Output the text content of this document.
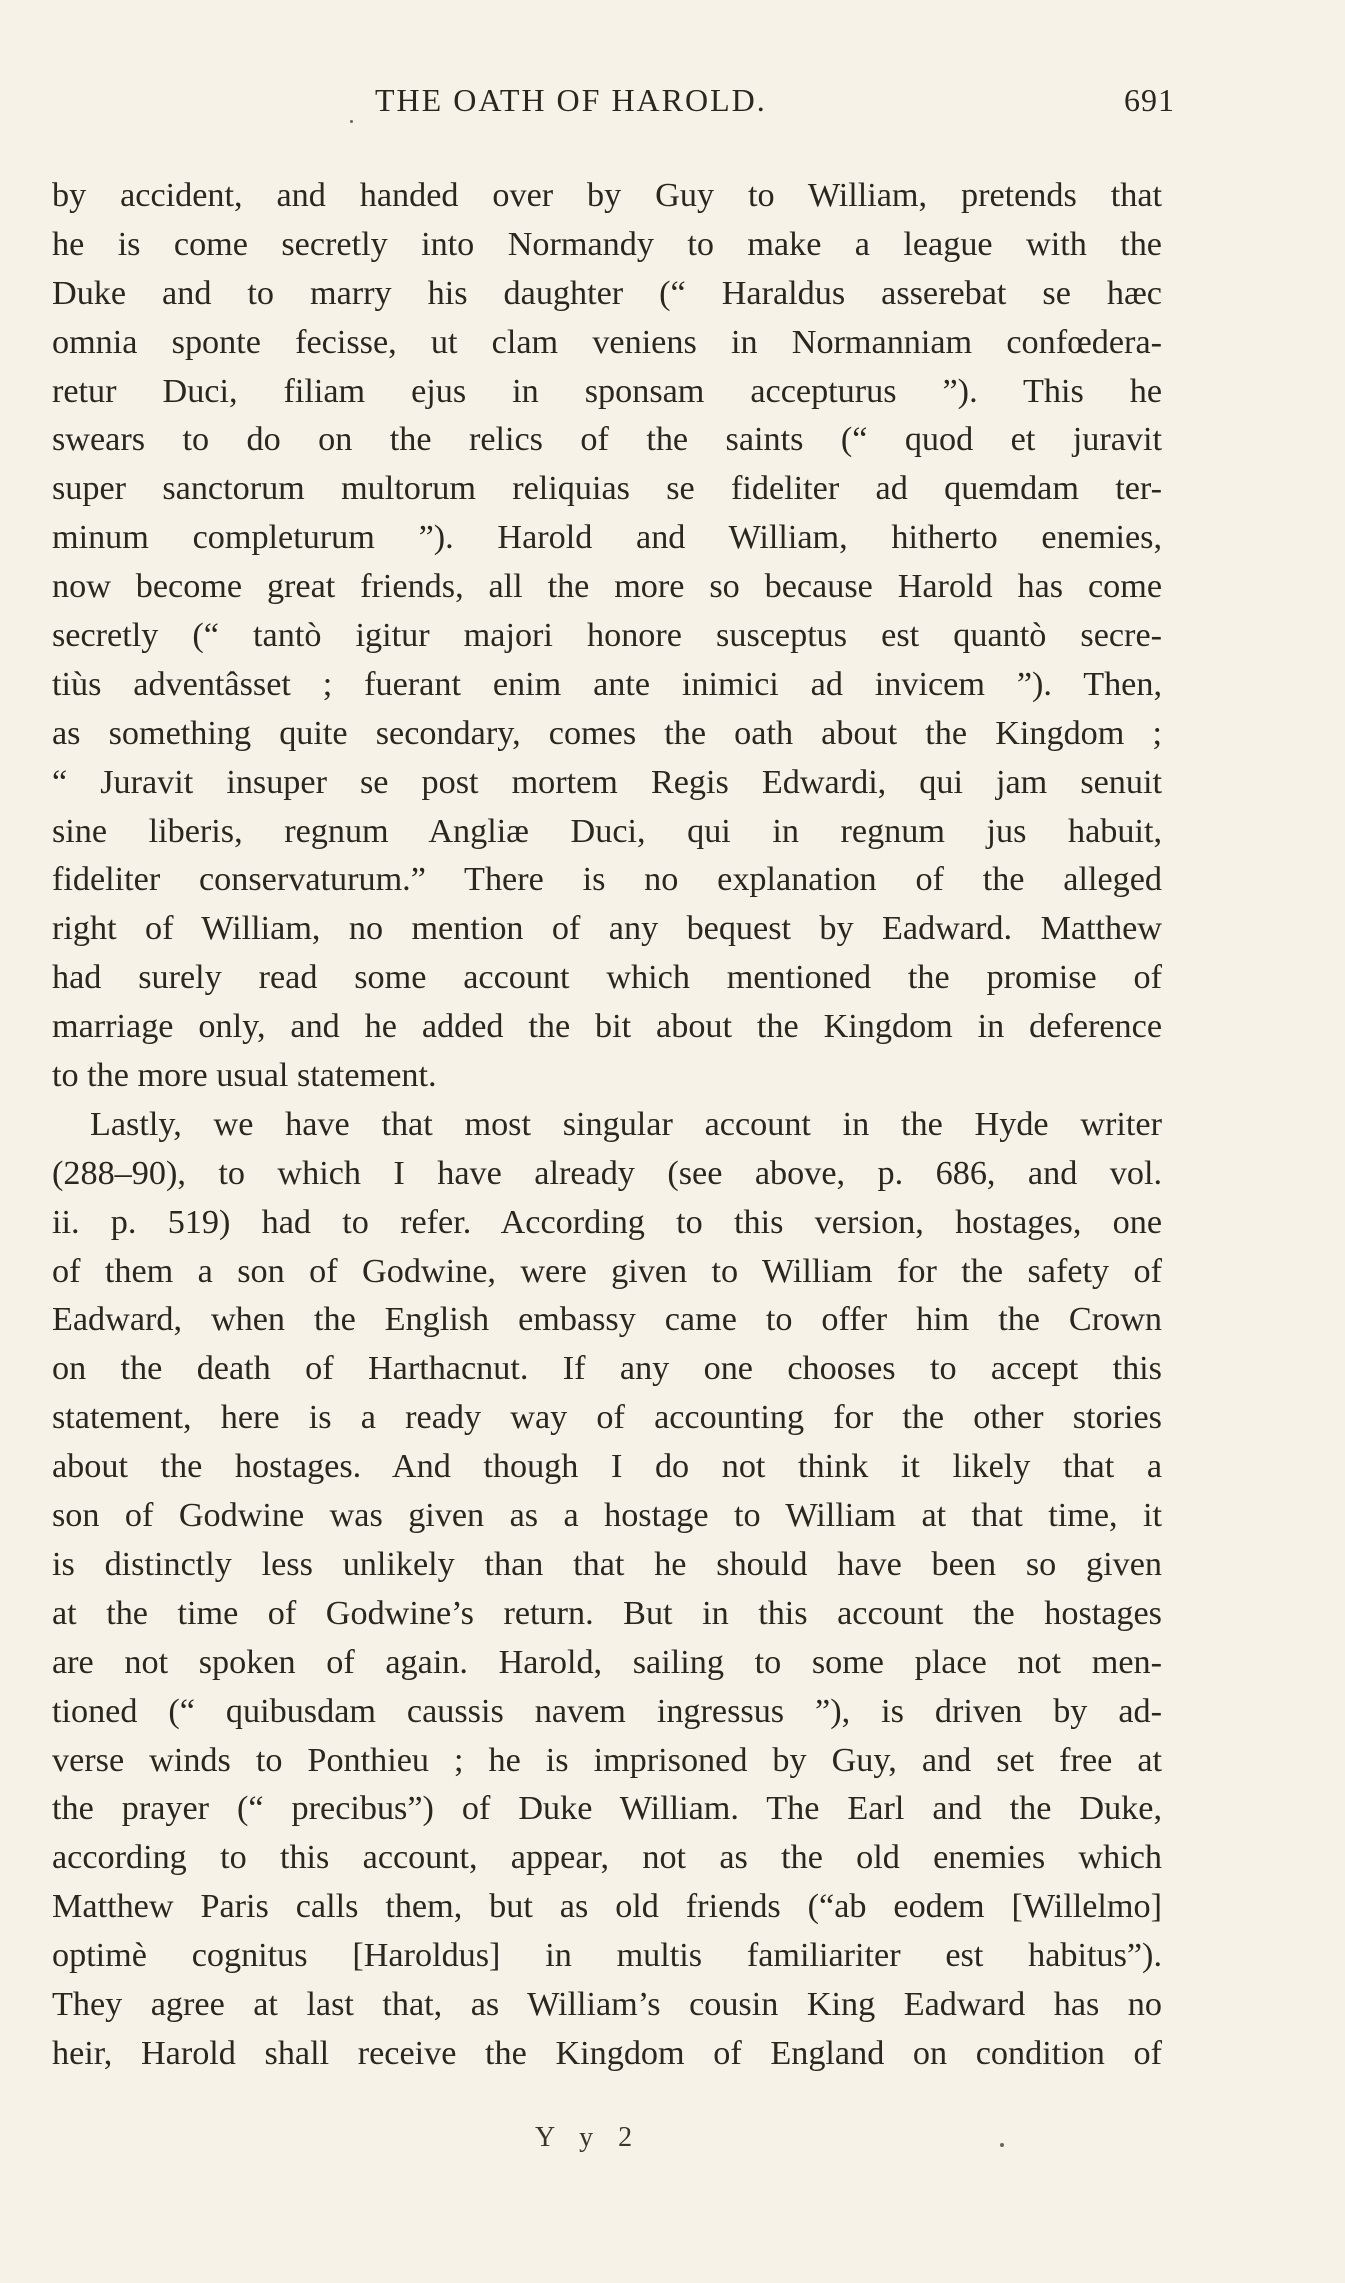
THE OATH OF HAROLD.	691
by accident, and handed over by Guy to William, pretends that
he is come secretly into Normandy to make a league with the
Duke and to marry his daughter (“ Haraldus asserebat se hæc
omnia sponte fecisse, ut clam veniens in Normanniam confœdera-
retur Duci, filiam ejus in sponsam accepturus ”). This he
swears to do on the relics of the saints (“ quod et juravit
super sanctorum multorum reliquias se fideliter ad quemdam ter-
minum completurum ”). Harold and William, hitherto enemies,
now become great friends, all the more so because Harold has come
secretly (“ tantò igitur majori honore susceptus est quantò secre-
tiùs adventâsset ; fuerant enim ante inimici ad invicem ”). Then,
as something quite secondary, comes the oath about the Kingdom ;
“ Juravit insuper se post mortem Regis Edwardi, qui jam senuit
sine liberis, regnum Angliæ Duci, qui in regnum jus habuit,
fideliter conservaturum.” There is no explanation of the alleged
right of William, no mention of any bequest by Eadward. Matthew
had surely read some account which mentioned the promise of
marriage only, and he added the bit about the Kingdom in deference
to the more usual statement.
Lastly, we have that most singular account in the Hyde writer
(288–90), to which I have already (see above, p. 686, and vol.
ii. p. 519) had to refer. According to this version, hostages, one
of them a son of Godwine, were given to William for the safety of
Eadward, when the English embassy came to offer him the Crown
on the death of Harthacnut. If any one chooses to accept this
statement, here is a ready way of accounting for the other stories
about the hostages. And though I do not think it likely that a
son of Godwine was given as a hostage to William at that time, it
is distinctly less unlikely than that he should have been so given
at the time of Godwine’s return. But in this account the hostages
are not spoken of again. Harold, sailing to some place not men-
tioned (“ quibusdam caussis navem ingressus ”), is driven by ad-
verse winds to Ponthieu ; he is imprisoned by Guy, and set free at
the prayer (“ precibus”) of Duke William. The Earl and the Duke,
according to this account, appear, not as the old enemies which
Matthew Paris calls them, but as old friends (“ab eodem [Willelmo]
optimè cognitus [Haroldus] in multis familiariter est habitus”).
They agree at last that, as William’s cousin King Eadward has no
heir, Harold shall receive the Kingdom of England on condition of
Y y 2
